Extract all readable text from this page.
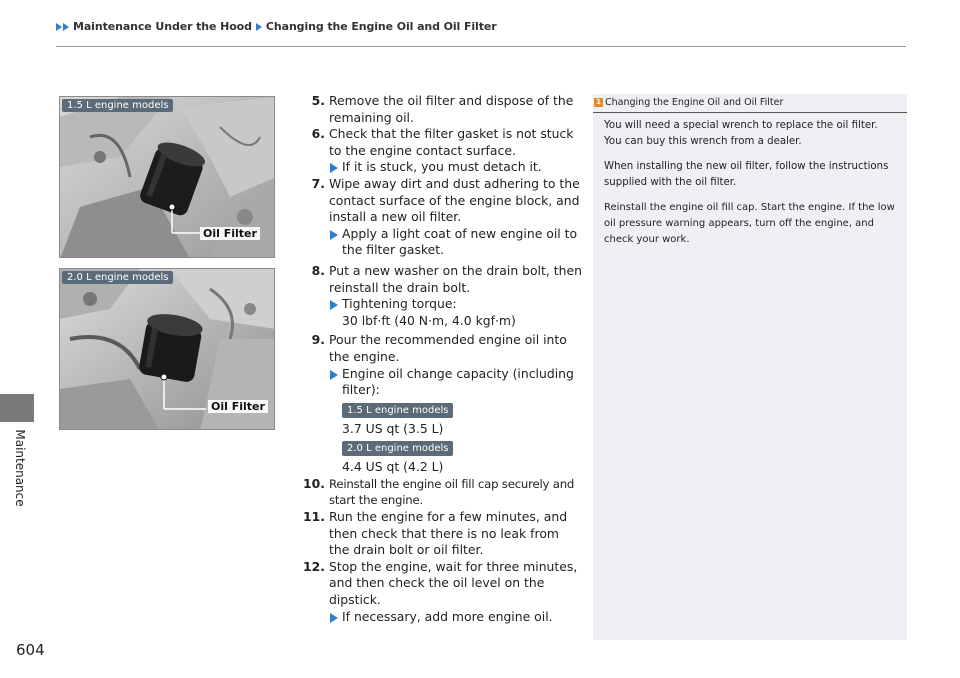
Maintenance Under the Hood Changing the Engine Oil and Oil Filter
Maintenance
604
1.5 L engine models
Oil Filter
2.0 L engine models
Oil Filter
5. Remove the oil filter and dispose of the remaining oil.
6. Check that the filter gasket is not stuck to the engine contact surface.
If it is stuck, you must detach it.
7. Wipe away dirt and dust adhering to the contact surface of the engine block, and install a new oil filter.
Apply a light coat of new engine oil to the filter gasket.
8. Put a new washer on the drain bolt, then reinstall the drain bolt.
Tightening torque:
30 lbf·ft (40 N·m, 4.0 kgf·m)
9. Pour the recommended engine oil into the engine.
Engine oil change capacity (including filter):
1.5 L engine models
3.7 US qt (3.5 L)
2.0 L engine models
4.4 US qt (4.2 L)
10. Reinstall the engine oil fill cap securely and start the engine.
11. Run the engine for a few minutes, and then check that there is no leak from the drain bolt or oil filter.
12. Stop the engine, wait for three minutes, and then check the oil level on the dipstick.
If necessary, add more engine oil.
1 Changing the Engine Oil and Oil Filter

You will need a special wrench to replace the oil filter. You can buy this wrench from a dealer.

When installing the new oil filter, follow the instructions supplied with the oil filter.

Reinstall the engine oil fill cap. Start the engine. If the low oil pressure warning appears, turn off the engine, and check your work.
